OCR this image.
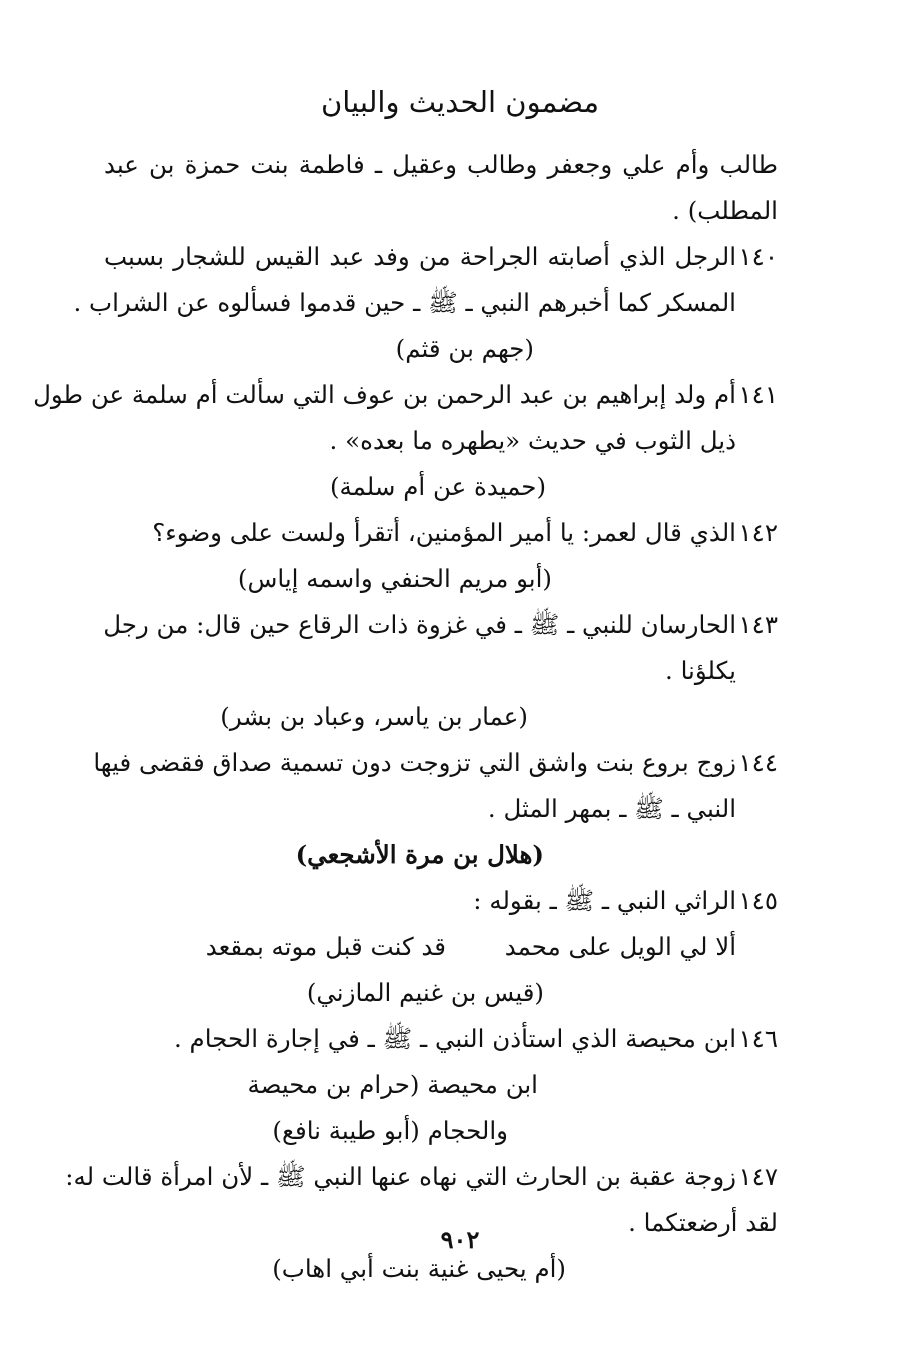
مضمون الحديث والبيان
طالب وأم علي وجعفر وطالب وعقيل ـ فاطمة بنت حمزة بن عبد
المطلب) .
١٤٠
الرجل الذي أصابته الجراحة من وفد عبد القيس للشجار بسبب
المسكر كما أخبرهم النبي ـ ﷺ ـ حين قدموا فسألوه عن الشراب .
(جهم بن قثم)
١٤١
أم ولد إبراهيم بن عبد الرحمن بن عوف التي سألت أم سلمة عن طول
ذيل الثوب في حديث «يطهره ما بعده» .
(حميدة عن أم سلمة)
١٤٢
الذي قال لعمر: يا أمير المؤمنين، أتقرأ ولست على وضوء؟
(أبو مريم الحنفي واسمه إياس)
١٤٣
الحارسان للنبي ـ ﷺ ـ في غزوة ذات الرقاع حين قال: من رجل
يكلؤنا .
(عمار بن ياسر، وعباد بن بشر)
١٤٤
زوج بروع بنت واشق التي تزوجت دون تسمية صداق فقضى فيها
النبي ـ ﷺ ـ بمهر المثل .
(هلال بن مرة الأشجعي)
١٤٥
الراثي النبي ـ ﷺ ـ بقوله :
ألا لي الويل على محمد
قد كنت قبل موته بمقعد
(قيس بن غنيم المازني)
١٤٦
ابن محيصة الذي استأذن النبي ـ ﷺ ـ في إجارة الحجام .
ابن محيصة (حرام بن محيصة
والحجام (أبو طيبة نافع)
١٤٧
زوجة عقبة بن الحارث التي نهاه عنها النبي ﷺ ـ لأن امرأة قالت له:
لقد أرضعتكما .
(أم يحيى غنية بنت أبي اهاب)
٩٠٢
